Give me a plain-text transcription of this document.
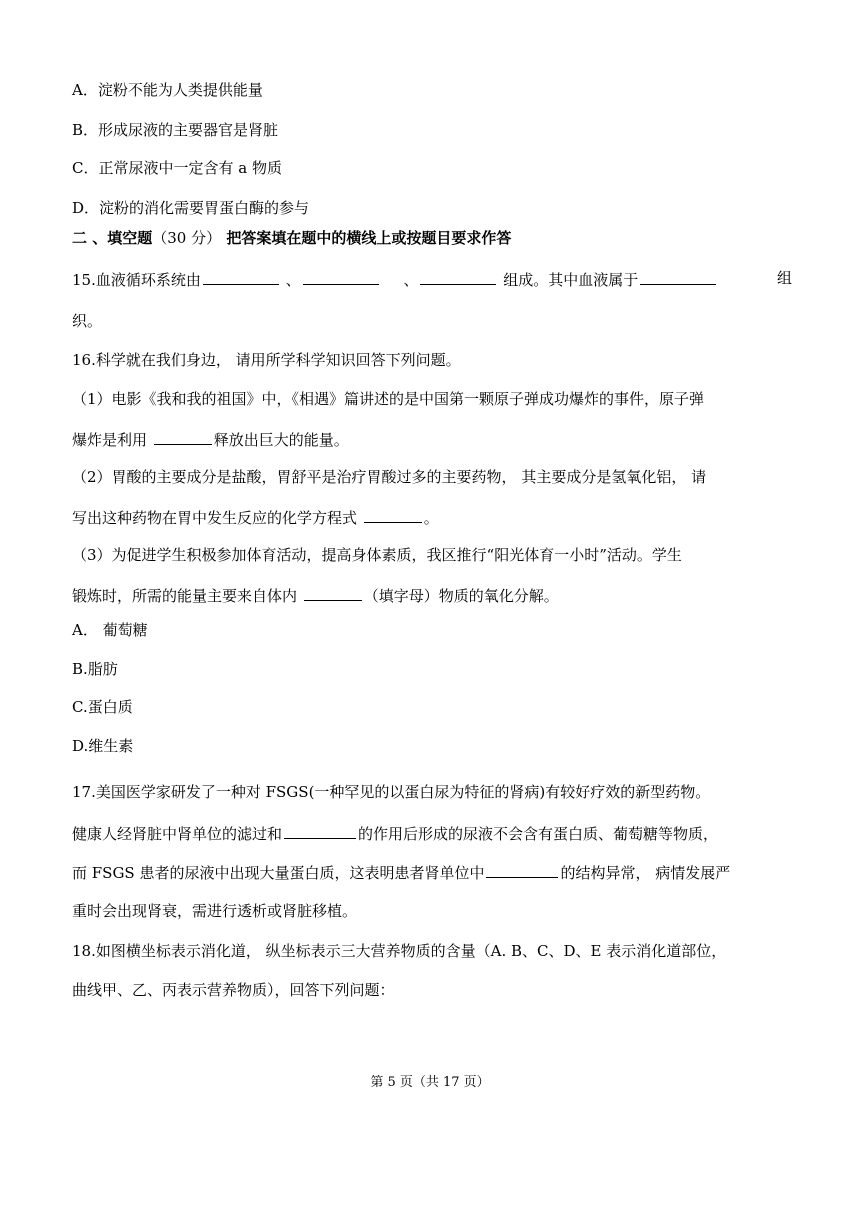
A．淀粉不能为人类提供能量
B．形成尿液的主要器官是肾脏
C．正常尿液中一定含有 a 物质
D．淀粉的消化需要胃蛋白酶的参与
二 、填空题（30 分） 把答案填在题中的横线上或按题目要求作答
15.血液循环系统由	、	、	组成。其中血液属于	组
织。
16.科学就在我们身边， 请用所学科学知识回答下列问题。
（1）电影《我和我的祖国》中，《相遇》篇讲述的是中国第一颗原子弹成功爆炸的事件，原子弹
爆炸是利用	释放出巨大的能量。
（2）胃酸的主要成分是盐酸，胃舒平是治疗胃酸过多的主要药物， 其主要成分是氢氧化铝， 请
写出这种药物在胃中发生反应的化学方程式	。
（3）为促进学生积极参加体育活动，提高身体素质，我区推行“阳光体育一小时”活动。学生
锻炼时，所需的能量主要来自体内	（填字母）物质的氧化分解。
A． 葡萄糖
B.脂肪
C.蛋白质
D.维生素
17.美国医学家研发了一种对 FSGS(一种罕见的以蛋白尿为特征的肾病)有较好疗效的新型药物。
健康人经肾脏中肾单位的滤过和	的作用后形成的尿液不会含有蛋白质、葡萄糖等物质，
而 FSGS 患者的尿液中出现大量蛋白质，这表明患者肾单位中	的结构异常， 病情发展严
重时会出现肾衰，需进行透析或肾脏移植。
18.如图横坐标表示消化道， 纵坐标表示三大营养物质的含量（A. B、C、D、E 表示消化道部位，
曲线甲、乙、丙表示营养物质），回答下列问题：
第 5 页（共 17 页）
